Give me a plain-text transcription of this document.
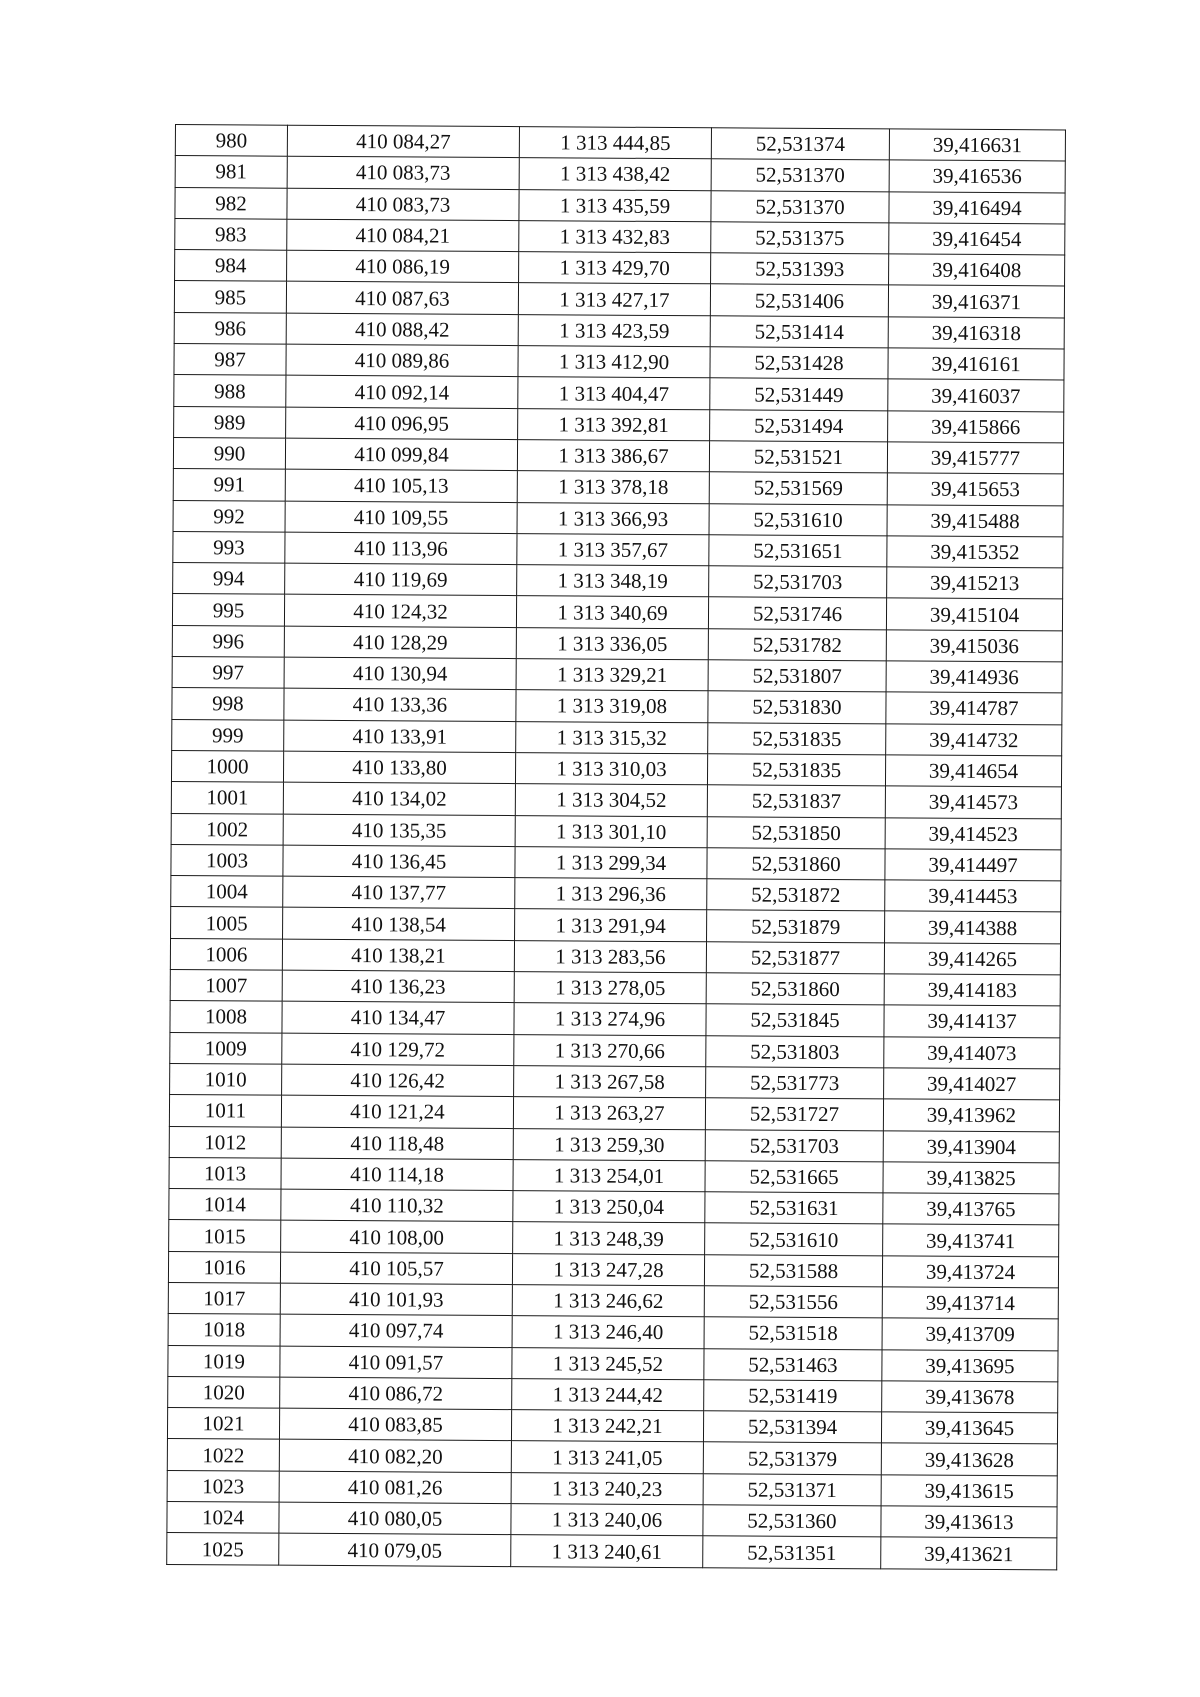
980	410 084,27	1 313 444,85	52,531374	39,416631
981	410 083,73	1 313 438,42	52,531370	39,416536
982	410 083,73	1 313 435,59	52,531370	39,416494
983	410 084,21	1 313 432,83	52,531375	39,416454
984	410 086,19	1 313 429,70	52,531393	39,416408
985	410 087,63	1 313 427,17	52,531406	39,416371
986	410 088,42	1 313 423,59	52,531414	39,416318
987	410 089,86	1 313 412,90	52,531428	39,416161
988	410 092,14	1 313 404,47	52,531449	39,416037
989	410 096,95	1 313 392,81	52,531494	39,415866
990	410 099,84	1 313 386,67	52,531521	39,415777
991	410 105,13	1 313 378,18	52,531569	39,415653
992	410 109,55	1 313 366,93	52,531610	39,415488
993	410 113,96	1 313 357,67	52,531651	39,415352
994	410 119,69	1 313 348,19	52,531703	39,415213
995	410 124,32	1 313 340,69	52,531746	39,415104
996	410 128,29	1 313 336,05	52,531782	39,415036
997	410 130,94	1 313 329,21	52,531807	39,414936
998	410 133,36	1 313 319,08	52,531830	39,414787
999	410 133,91	1 313 315,32	52,531835	39,414732
1000	410 133,80	1 313 310,03	52,531835	39,414654
1001	410 134,02	1 313 304,52	52,531837	39,414573
1002	410 135,35	1 313 301,10	52,531850	39,414523
1003	410 136,45	1 313 299,34	52,531860	39,414497
1004	410 137,77	1 313 296,36	52,531872	39,414453
1005	410 138,54	1 313 291,94	52,531879	39,414388
1006	410 138,21	1 313 283,56	52,531877	39,414265
1007	410 136,23	1 313 278,05	52,531860	39,414183
1008	410 134,47	1 313 274,96	52,531845	39,414137
1009	410 129,72	1 313 270,66	52,531803	39,414073
1010	410 126,42	1 313 267,58	52,531773	39,414027
1011	410 121,24	1 313 263,27	52,531727	39,413962
1012	410 118,48	1 313 259,30	52,531703	39,413904
1013	410 114,18	1 313 254,01	52,531665	39,413825
1014	410 110,32	1 313 250,04	52,531631	39,413765
1015	410 108,00	1 313 248,39	52,531610	39,413741
1016	410 105,57	1 313 247,28	52,531588	39,413724
1017	410 101,93	1 313 246,62	52,531556	39,413714
1018	410 097,74	1 313 246,40	52,531518	39,413709
1019	410 091,57	1 313 245,52	52,531463	39,413695
1020	410 086,72	1 313 244,42	52,531419	39,413678
1021	410 083,85	1 313 242,21	52,531394	39,413645
1022	410 082,20	1 313 241,05	52,531379	39,413628
1023	410 081,26	1 313 240,23	52,531371	39,413615
1024	410 080,05	1 313 240,06	52,531360	39,413613
1025	410 079,05	1 313 240,61	52,531351	39,413621
